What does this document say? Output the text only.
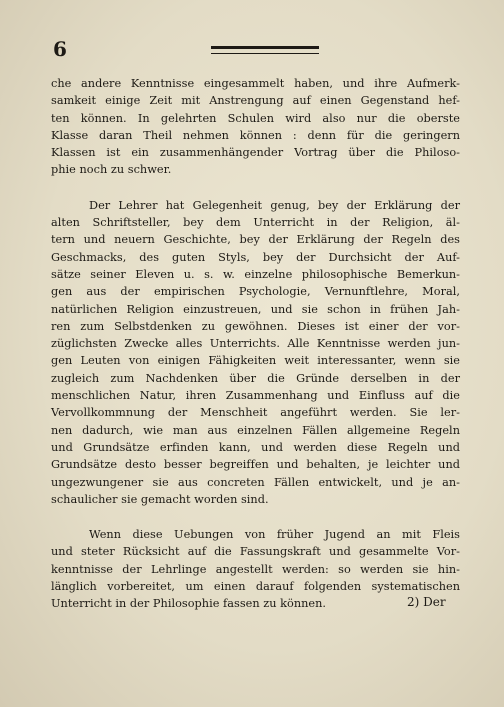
6

che andere Kenntnisse eingesammelt haben, und ihre Aufmerk-
samkeit einige Zeit mit Anstrengung auf einen Gegenstand hef-
ten können. In gelehrten Schulen wird also nur die oberste
Klasse daran Theil nehmen können : denn für die geringern
Klassen ist ein zusammenhängender Vortrag über die Philoso-
phie noch zu schwer.

Der Lehrer hat Gelegenheit genug, bey der Erklärung der
alten Schriftsteller, bey dem Unterricht in der Religion, äl-
tern und neuern Geschichte, bey der Erklärung der Regeln des
Geschmacks, des guten Styls, bey der Durchsicht der Auf-
sätze seiner Eleven u. s. w. einzelne philosophische Bemerkun-
gen aus der empirischen Psychologie, Vernunftlehre, Moral,
natürlichen Religion einzustreuen, und sie schon in frühen Jah-
ren zum Selbstdenken zu gewöhnen. Dieses ist einer der vor-
züglichsten Zwecke alles Unterrichts. Alle Kenntnisse werden jun-
gen Leuten von einigen Fähigkeiten weit interessanter, wenn sie
zugleich zum Nachdenken über die Gründe derselben in der
menschlichen Natur, ihren Zusammenhang und Einfluss auf die
Vervollkommnung der Menschheit angeführt werden. Sie ler-
nen dadurch, wie man aus einzelnen Fällen allgemeine Regeln
und Grundsätze erfinden kann, und werden diese Regeln und
Grundsätze desto besser begreiffen und behalten, je leichter und
ungezwungener sie aus concreten Fällen entwickelt, und je an-
schaulicher sie gemacht worden sind.

Wenn diese Uebungen von früher Jugend an mit Fleis
und steter Rücksicht auf die Fassungskraft und gesammelte Vor-
kenntnisse der Lehrlinge angestellt werden: so werden sie hin-
länglich vorbereitet, um einen darauf folgenden systematischen
Unterricht in der Philosophie fassen zu können.	2) Der
